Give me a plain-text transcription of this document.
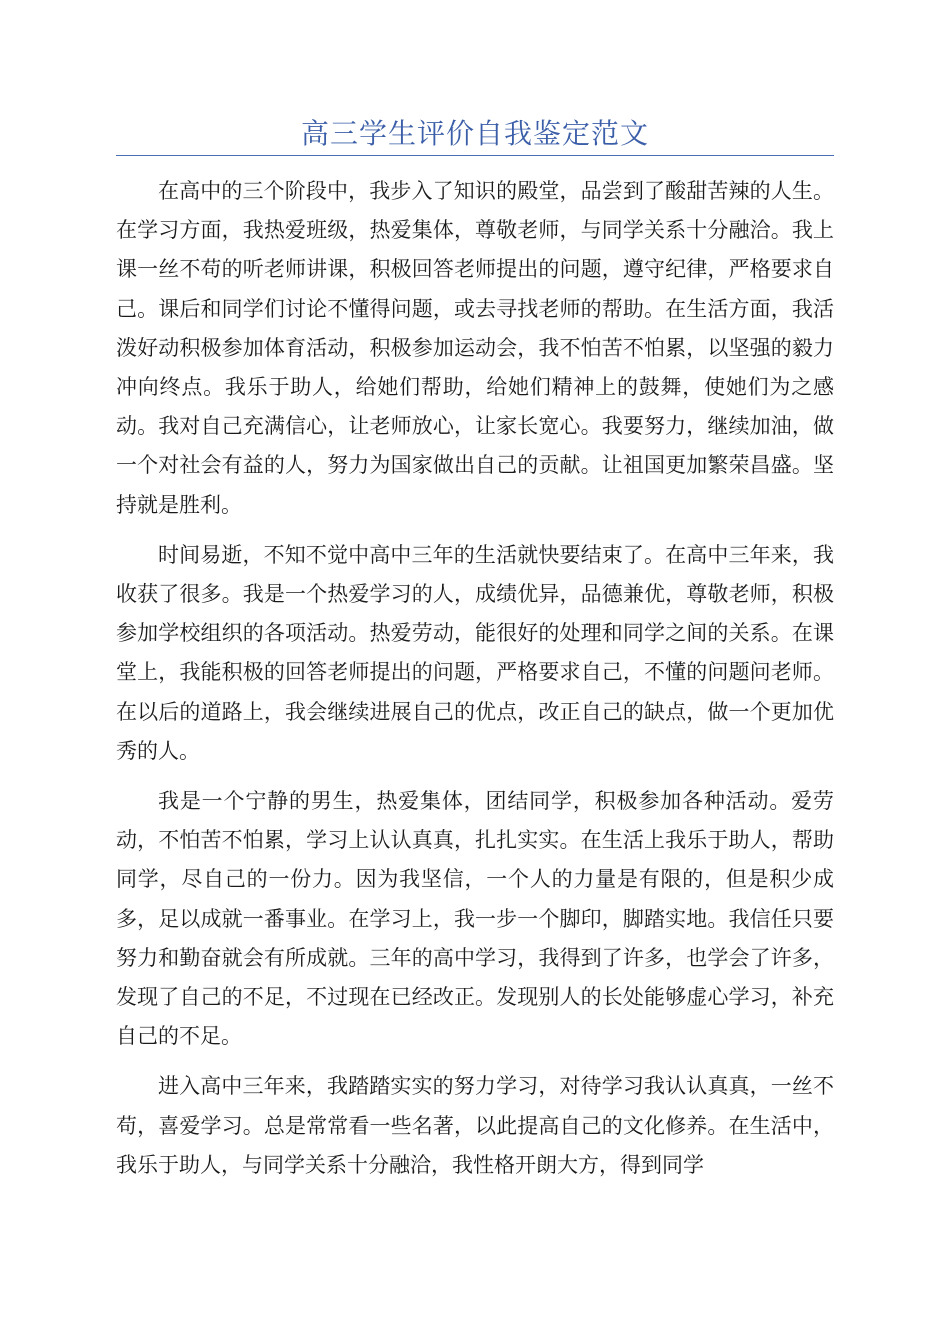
高三学生评价自我鉴定范文

在高中的三个阶段中，我步入了知识的殿堂，品尝到了酸甜苦辣的人生。在学习方面，我热爱班级，热爱集体，尊敬老师，与同学关系十分融洽。我上课一丝不苟的听老师讲课，积极回答老师提出的问题，遵守纪律，严格要求自己。课后和同学们讨论不懂得问题，或去寻找老师的帮助。在生活方面，我活泼好动积极参加体育活动，积极参加运动会，我不怕苦不怕累，以坚强的毅力冲向终点。我乐于助人，给她们帮助，给她们精神上的鼓舞，使她们为之感动。我对自己充满信心，让老师放心，让家长宽心。我要努力，继续加油，做一个对社会有益的人，努力为国家做出自己的贡献。让祖国更加繁荣昌盛。坚持就是胜利。

时间易逝，不知不觉中高中三年的生活就快要结束了。在高中三年来，我收获了很多。我是一个热爱学习的人，成绩优异，品德兼优，尊敬老师，积极参加学校组织的各项活动。热爱劳动，能很好的处理和同学之间的关系。在课堂上，我能积极的回答老师提出的问题，严格要求自己，不懂的问题问老师。在以后的道路上，我会继续进展自己的优点，改正自己的缺点，做一个更加优秀的人。

我是一个宁静的男生，热爱集体，团结同学，积极参加各种活动。爱劳动，不怕苦不怕累，学习上认认真真，扎扎实实。在生活上我乐于助人，帮助同学，尽自己的一份力。因为我坚信，一个人的力量是有限的，但是积少成多，足以成就一番事业。在学习上，我一步一个脚印，脚踏实地。我信任只要努力和勤奋就会有所成就。三年的高中学习，我得到了许多，也学会了许多，发现了自己的不足，不过现在已经改正。发现别人的长处能够虚心学习，补充自己的不足。

进入高中三年来，我踏踏实实的努力学习，对待学习我认认真真，一丝不苟，喜爱学习。总是常常看一些名著，以此提高自己的文化修养。在生活中，我乐于助人，与同学关系十分融洽，我性格开朗大方，得到同学
